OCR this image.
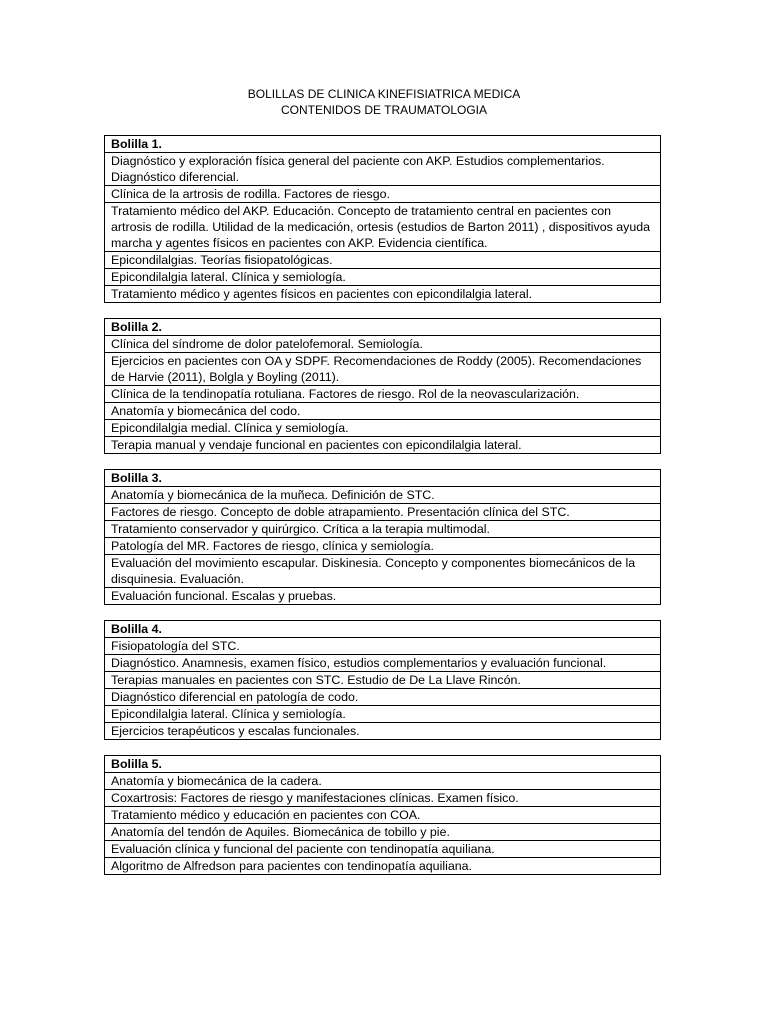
BOLILLAS DE CLINICA KINEFISIATRICA MEDICA
CONTENIDOS DE TRAUMATOLOGIA
Bolilla 1.
Diagnóstico y exploración física general del paciente con AKP. Estudios complementarios. Diagnóstico diferencial.
Clínica de la artrosis de rodilla. Factores de riesgo.
Tratamiento médico del AKP. Educación. Concepto de tratamiento central en pacientes con artrosis de rodilla. Utilidad de la medicación, ortesis (estudios de Barton 2011) , dispositivos ayuda marcha y agentes físicos en pacientes con AKP. Evidencia científica.
Epicondilalgias. Teorías fisiopatológicas.
Epicondilalgia lateral. Clínica y semiología.
Tratamiento médico y agentes físicos en pacientes con epicondilalgia lateral.
Bolilla 2.
Clínica del síndrome de dolor patelofemoral. Semiología.
Ejercicios en pacientes con OA y SDPF. Recomendaciones de Roddy (2005). Recomendaciones de Harvie (2011), Bolgla y Boyling (2011).
Clínica de la tendinopatía rotuliana. Factores de riesgo. Rol de la neovascularización.
Anatomía y biomecánica del codo.
Epicondilalgia medial. Clínica y semiología.
Terapia manual y vendaje funcional en pacientes con epicondilalgia lateral.
Bolilla 3.
Anatomía y biomecánica de la muñeca. Definición de STC.
Factores de riesgo. Concepto de doble atrapamiento. Presentación clínica del STC.
Tratamiento conservador y quirúrgico. Crítica a la terapia multimodal.
Patología del MR. Factores de riesgo, clínica y semiología.
Evaluación del movimiento escapular. Diskinesia. Concepto y componentes biomecánicos de la disquinesia. Evaluación.
Evaluación funcional. Escalas y pruebas.
Bolilla 4.
Fisiopatología del STC.
Diagnóstico. Anamnesis, examen físico, estudios complementarios y evaluación funcional.
Terapias manuales en pacientes con STC. Estudio de De La Llave Rincón.
Diagnóstico diferencial en patología de codo.
Epicondilalgia lateral. Clínica y semiología.
Ejercicios terapéuticos y escalas funcionales.
Bolilla 5.
Anatomía y biomecánica de la cadera.
Coxartrosis: Factores de riesgo y manifestaciones clínicas. Examen físico.
Tratamiento médico y educación en pacientes con COA.
Anatomía del tendón de Aquiles. Biomecánica de tobillo y pie.
Evaluación clínica y funcional del paciente con tendinopatía aquiliana.
Algoritmo de Alfredson para pacientes con tendinopatía aquiliana.
